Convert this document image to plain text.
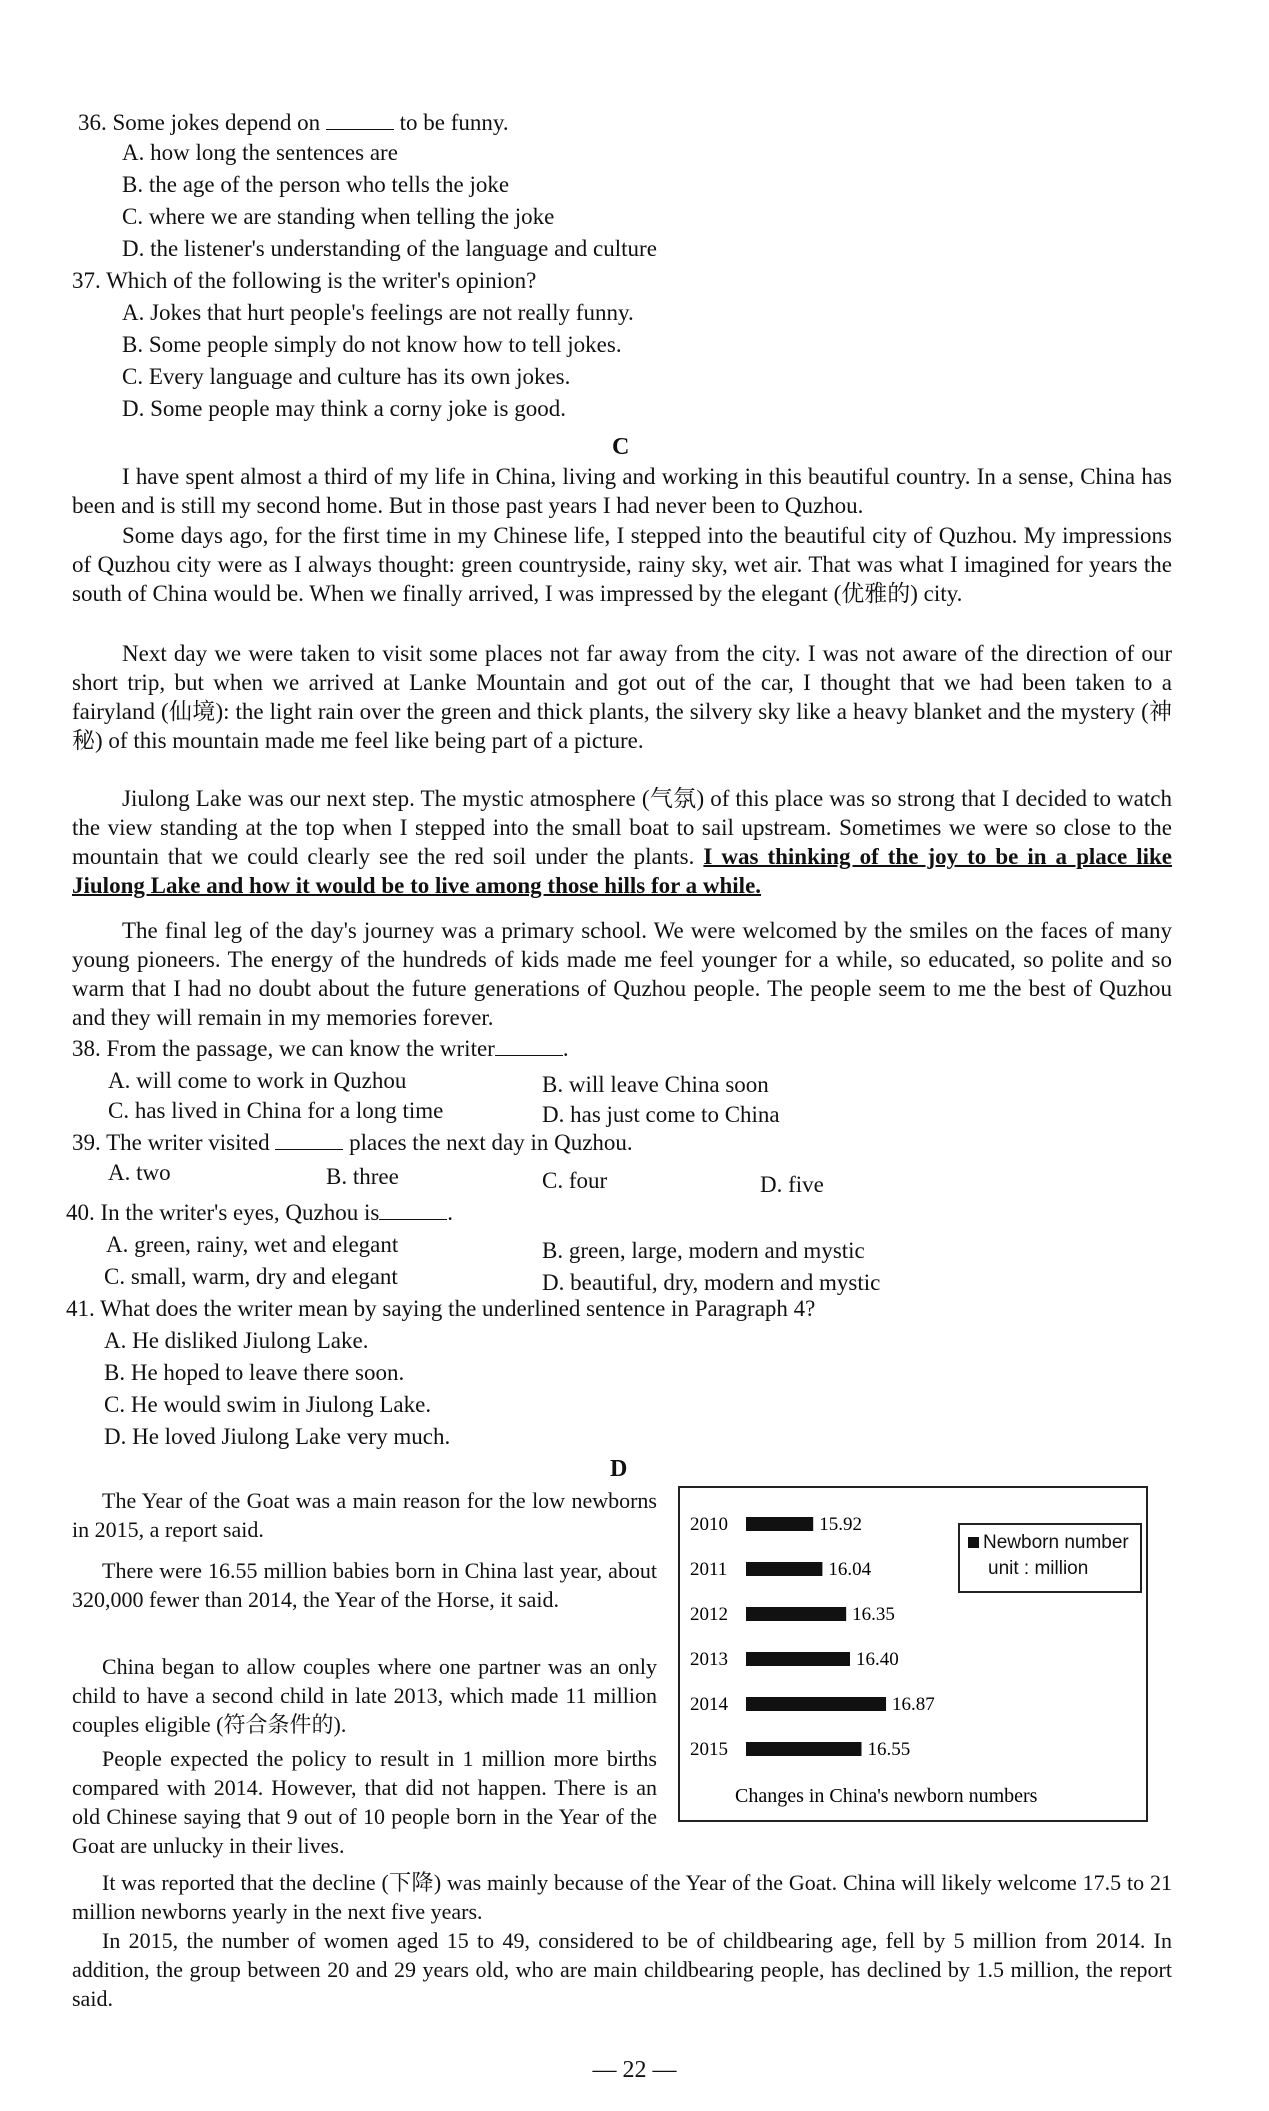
36. Some jokes depend on	to be funny.
A. how long the sentences are
B. the age of the person who tells the joke
C. where we are standing when telling the joke
D. the listener's understanding of the language and culture
37. Which of the following is the writer's opinion?
A. Jokes that hurt people's feelings are not really funny.
B. Some people simply do not know how to tell jokes.
C. Every language and culture has its own jokes.
D. Some people may think a corny joke is good.
C
I have spent almost a third of my life in China, living and working in this beautiful country. In a sense, China has been and is still my second home. But in those past years I had never been to Quzhou.
Some days ago, for the first time in my Chinese life, I stepped into the beautiful city of Quzhou. My impressions of Quzhou city were as I always thought: green countryside, rainy sky, wet air. That was what I imagined for years the south of China would be. When we finally arrived, I was impressed by the elegant (优雅的) city.
Next day we were taken to visit some places not far away from the city. I was not aware of the direction of our short trip, but when we arrived at Lanke Mountain and got out of the car, I thought that we had been taken to a fairyland (仙境): the light rain over the green and thick plants, the silvery sky like a heavy blanket and the mystery (神秘) of this mountain made me feel like being part of a picture.
Jiulong Lake was our next step. The mystic atmosphere (气氛) of this place was so strong that I decided to watch the view standing at the top when I stepped into the small boat to sail upstream. Sometimes we were so close to the mountain that we could clearly see the red soil under the plants. I was thinking of the joy to be in a place like Jiulong Lake and how it would be to live among those hills for a while.
The final leg of the day's journey was a primary school. We were welcomed by the smiles on the faces of many young pioneers. The energy of the hundreds of kids made me feel younger for a while, so educated, so polite and so warm that I had no doubt about the future generations of Quzhou people. The people seem to me the best of Quzhou and they will remain in my memories forever.
38. From the passage, we can know the writer	.
A. will come to work in Quzhou	B. will leave China soon
C. has lived in China for a long time	D. has just come to China
39. The writer visited	places the next day in Quzhou.
A. two	B. three	C. four	D. five
40. In the writer's eyes, Quzhou is	.
A. green, rainy, wet and elegant	B. green, large, modern and mystic
C. small, warm, dry and elegant	D. beautiful, dry, modern and mystic
41. What does the writer mean by saying the underlined sentence in Paragraph 4?
A. He disliked Jiulong Lake.
B. He hoped to leave there soon.
C. He would swim in Jiulong Lake.
D. He loved Jiulong Lake very much.
D
The Year of the Goat was a main reason for the low newborns in 2015, a report said.
There were 16.55 million babies born in China last year, about 320,000 fewer than 2014, the Year of the Horse, it said.
China began to allow couples where one partner was an only child to have a second child in late 2013, which made 11 million couples eligible (符合条件的).
People expected the policy to result in 1 million more births compared with 2014. However, that did not happen. There is an old Chinese saying that 9 out of 10 people born in the Year of the Goat are unlucky in their lives.
It was reported that the decline (下降) was mainly because of the Year of the Goat. China will likely welcome 17.5 to 21 million newborns yearly in the next five years.
In 2015, the number of women aged 15 to 49, considered to be of childbearing age, fell by 5 million from 2014. In addition, the group between 20 and 29 years old, who are main childbearing people, has declined by 1.5 million, the report said.
2010	15.92
2011	16.04
2012	16.35
2013	16.40
2014	16.87
2015	16.55
Changes in China's newborn numbers
Newborn number
unit : million
— 22 —
